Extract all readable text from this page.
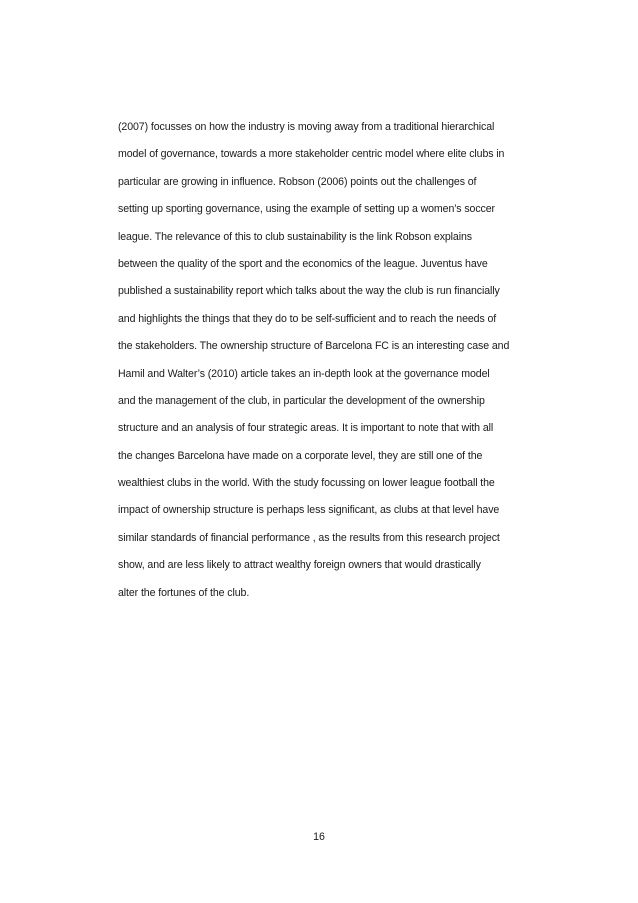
(2007) focusses on how the industry is moving away from a traditional hierarchical
model of governance, towards a more stakeholder centric model where elite clubs in
particular are growing in influence. Robson (2006) points out the challenges of
setting up sporting governance, using the example of setting up a women’s soccer
league. The relevance of this to club sustainability is the link Robson explains
between the quality of the sport and the economics of the league. Juventus have
published a sustainability report which talks about the way the club is run financially
and highlights the things that they do to be self-sufficient and to reach the needs of
the stakeholders. The ownership structure of Barcelona FC is an interesting case and
Hamil and Walter’s (2010) article takes an in-depth look at the governance model
and the management of the club, in particular the development of the ownership
structure and an analysis of four strategic areas. It is important to note that with all
the changes Barcelona have made on a corporate level, they are still one of the
wealthiest clubs in the world. With the study focussing on lower league football the
impact of ownership structure is perhaps less significant, as clubs at that level have
similar standards of financial performance , as the results from this research project
show, and are less likely to attract wealthy foreign owners that would drastically
alter the fortunes of the club.
16
